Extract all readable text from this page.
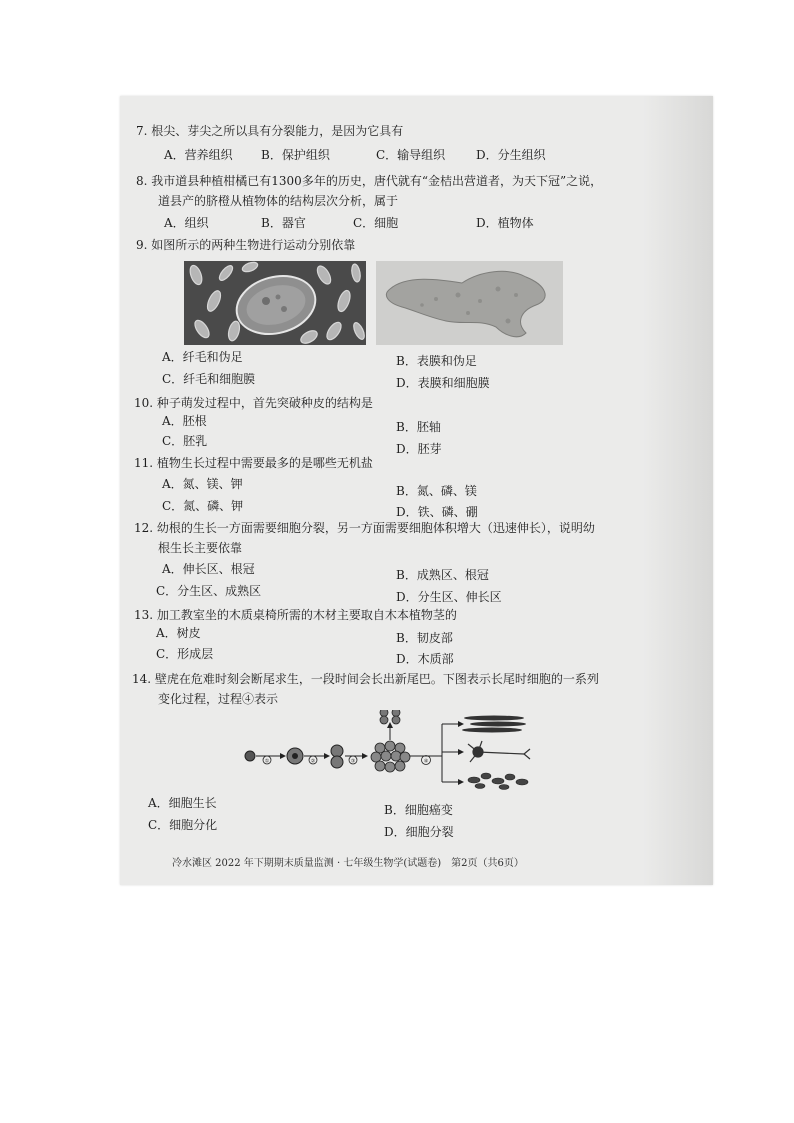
7. 根尖、芽尖之所以具有分裂能力，是因为它具有
A．营养组织 B．保护组织	C．输导组织	D．分生组织
8. 我市道县种植柑橘已有1300多年的历史，唐代就有“金桔出营道者，为天下冠”之说，
道县产的脐橙从植物体的结构层次分析，属于
A．组织	B．器官	C．细胞	D．植物体
9. 如图所示的两种生物进行运动分别依靠
A．纤毛和伪足	B．表膜和伪足
C．纤毛和细胞膜	D．表膜和细胞膜
10. 种子萌发过程中，首先突破种皮的结构是
A．胚根	B．胚轴
C．胚乳
D．胚芽
11. 植物生长过程中需要最多的是哪些无机盐
A．氮、镁、钾	B．氮、磷、镁
C．氮、磷、钾	D．铁、磷、硼
12. 幼根的生长一方面需要细胞分裂，另一方面需要细胞体积增大（迅速伸长），说明幼
根生长主要依靠
A．伸长区、根冠	B．成熟区、根冠
C．分生区、成熟区	D．分生区、伸长区
13. 加工教室坐的木质桌椅所需的木材主要取自木本植物茎的
A．树皮	B．韧皮部
C．形成层	D．木质部
14. 壁虎在危难时刻会断尾求生，一段时间会长出新尾巴。下图表示长尾时细胞的一系列
变化过程，过程④表示
①	②	③	④
A．细胞生长	B．细胞癌变
C．细胞分化	D．细胞分裂
冷水滩区 2022 年下期期末质量监测 · 七年级生物学(试题卷)　第2页（共6页）
